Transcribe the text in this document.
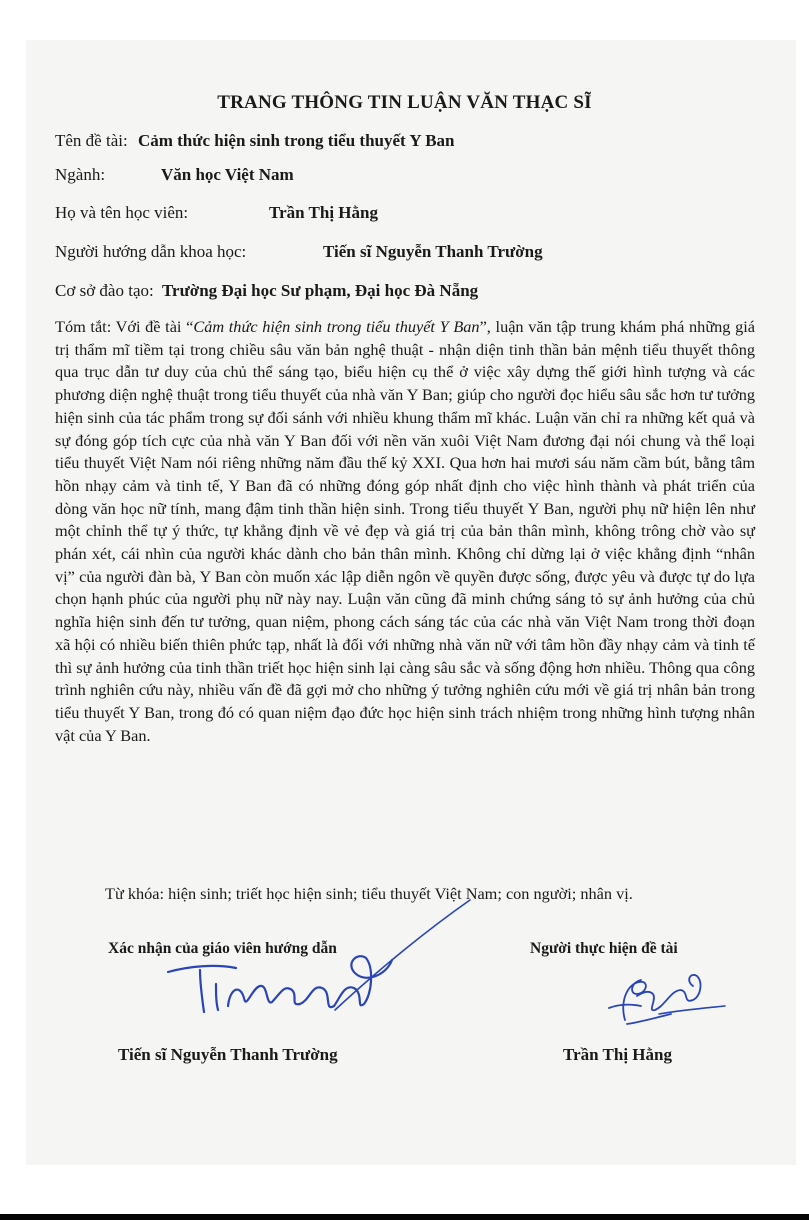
TRANG THÔNG TIN LUẬN VĂN THẠC SĨ
Tên đề tài: Cảm thức hiện sinh trong tiểu thuyết Y Ban
Ngành:	Văn học Việt Nam
Họ và tên học viên:	Trần Thị Hằng
Người hướng dẫn khoa học:	Tiến sĩ Nguyễn Thanh Trường
Cơ sở đào tạo: Trường Đại học Sư phạm, Đại học Đà Nẵng
Tóm tắt: Với đề tài “Cảm thức hiện sinh trong tiểu thuyết Y Ban”, luận văn tập trung khám phá những giá trị thẩm mĩ tiềm tại trong chiều sâu văn bản nghệ thuật - nhận diện tinh thần bản mệnh tiểu thuyết thông qua trục dẫn tư duy của chủ thể sáng tạo, biểu hiện cụ thể ở việc xây dựng thế giới hình tượng và các phương diện nghệ thuật trong tiểu thuyết của nhà văn Y Ban; giúp cho người đọc hiểu sâu sắc hơn tư tưởng hiện sinh của tác phẩm trong sự đối sánh với nhiều khung thẩm mĩ khác. Luận văn chỉ ra những kết quả và sự đóng góp tích cực của nhà văn Y Ban đối với nền văn xuôi Việt Nam đương đại nói chung và thể loại tiểu thuyết Việt Nam nói riêng những năm đầu thế kỷ XXI. Qua hơn hai mươi sáu năm cầm bút, bằng tâm hồn nhạy cảm và tinh tế, Y Ban đã có những đóng góp nhất định cho việc hình thành và phát triển của dòng văn học nữ tính, mang đậm tinh thần hiện sinh. Trong tiểu thuyết Y Ban, người phụ nữ hiện lên như một chỉnh thể tự ý thức, tự khẳng định về vẻ đẹp và giá trị của bản thân mình, không trông chờ vào sự phán xét, cái nhìn của người khác dành cho bản thân mình. Không chỉ dừng lại ở việc khẳng định “nhân vị” của người đàn bà, Y Ban còn muốn xác lập diễn ngôn về quyền được sống, được yêu và được tự do lựa chọn hạnh phúc của người phụ nữ này nay. Luận văn cũng đã minh chứng sáng tỏ sự ảnh hưởng của chủ nghĩa hiện sinh đến tư tưởng, quan niệm, phong cách sáng tác của các nhà văn Việt Nam trong thời đoạn xã hội có nhiều biến thiên phức tạp, nhất là đối với những nhà văn nữ với tâm hồn đầy nhạy cảm và tinh tế thì sự ảnh hưởng của tinh thần triết học hiện sinh lại càng sâu sắc và sống động hơn nhiều. Thông qua công trình nghiên cứu này, nhiều vấn đề đã gợi mở cho những ý tưởng nghiên cứu mới về giá trị nhân bản trong tiểu thuyết Y Ban, trong đó có quan niệm đạo đức học hiện sinh trách nhiệm trong những hình tượng nhân vật của Y Ban.
Từ khóa: hiện sinh; triết học hiện sinh; tiểu thuyết Việt Nam; con người; nhân vị.
Xác nhận của giáo viên hướng dẫn	Người thực hiện đề tài
Tiến sĩ Nguyễn Thanh Trường	Trần Thị Hằng
